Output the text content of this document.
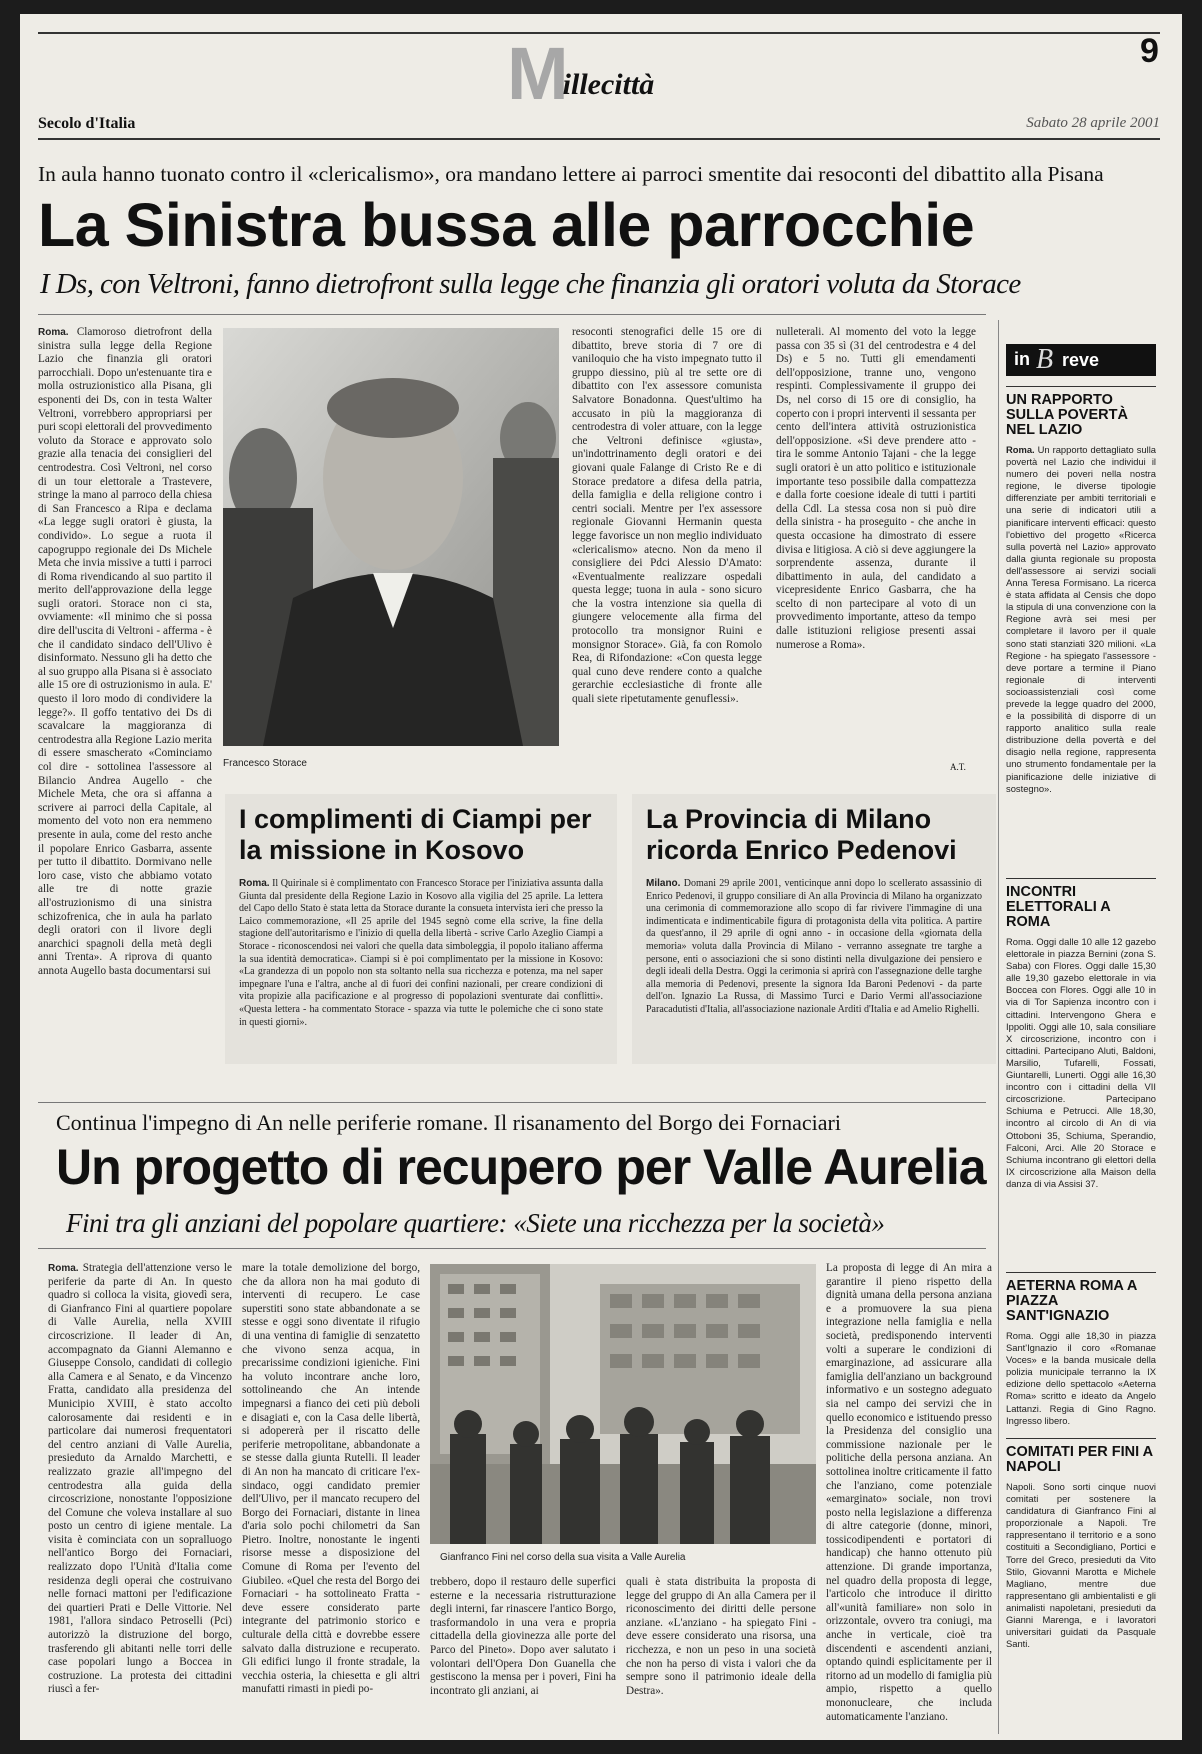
M
illecittà
9
Secolo d'Italia	Sabato 28 aprile 2001
In aula hanno tuonato contro il «clericalismo», ora mandano lettere ai parroci smentite dai resoconti del dibattito alla Pisana
La Sinistra bussa alle parrocchie
I Ds, con Veltroni, fanno dietrofront sulla legge che finanzia gli oratori voluta da Storace
Roma. Clamoroso dietrofront della sinistra sulla legge della Regione Lazio che finanzia gli oratori parrocchiali. Dopo un'estenuante tira e molla ostruzionistico alla Pisana, gli esponenti dei Ds, con in testa Walter Veltroni, vorrebbero appropriarsi per puri scopi elettorali del provvedimento voluto da Storace e approvato solo grazie alla tenacia dei consiglieri del centrodestra. Così Veltroni, nel corso di un tour elettorale a Trastevere, stringe la mano al parroco della chiesa di San Francesco a Ripa e declama «La legge sugli oratori è giusta, la condivido». Lo segue a ruota il capogruppo regionale dei Ds Michele Meta che invia missive a tutti i parroci di Roma rivendicando al suo partito il merito dell'approvazione della legge sugli oratori. Storace non ci sta, ovviamente: «Il minimo che si possa dire dell'uscita di Veltroni - afferma - è che il candidato sindaco dell'Ulivo è disinformato. Nessuno gli ha detto che al suo gruppo alla Pisana si è associato alle 15 ore di ostruzionismo in aula. E' questo il loro modo di condividere la legge?». Il goffo tentativo dei Ds di scavalcare la maggioranza di centrodestra alla Regione Lazio merita di essere smascherato «Cominciamo col dire - sottolinea l'assessore al Bilancio Andrea Augello - che Michele Meta, che ora si affanna a scrivere ai parroci della Capitale, al momento del voto non era nemmeno presente in aula, come del resto anche il popolare Enrico Gasbarra, assente per tutto il dibattito. Dormivano nelle loro case, visto che abbiamo votato alle tre di notte grazie all'ostruzionismo di una sinistra schizofrenica, che in aula ha parlato degli oratori con il livore degli anarchici spagnoli della metà degli anni Trenta». A riprova di quanto annota Augello basta documentarsi sui
Francesco Storace
resoconti stenografici delle 15 ore di dibattito, breve storia di 7 ore di vaniloquio che ha visto impegnato tutto il gruppo diessino, più al tre sette ore di dibattito con l'ex assessore comunista Salvatore Bonadonna. Quest'ultimo ha accusato in più la maggioranza di centrodestra di voler attuare, con la legge che Veltroni definisce «giusta», un'indottrinamento degli oratori e dei giovani quale Falange di Cristo Re e di Storace predatore a difesa della patria, della famiglia e della religione contro i centri sociali. Mentre per l'ex assessore regionale Giovanni Hermanin questa legge favorisce un non meglio individuato «clericalismo» atecno. Non da meno il consigliere dei Pdci Alessio D'Amato: «Eventualmente realizzare ospedali questa legge; tuona in aula - sono sicuro che la vostra intenzione sia quella di giungere velocemente alla firma del protocollo tra monsignor Ruini e monsignor Storace». Già, fa con Romolo Rea, di Rifondazione: «Con questa legge qual cuno deve rendere conto a qualche gerarchie ecclesiastiche di fronte alle quali siete ripetutamente genuflessi».
nulleterali. Al momento del voto la legge passa con 35 sì (31 del centrodestra e 4 del Ds) e 5 no. Tutti gli emendamenti dell'opposizione, tranne uno, vengono respinti. Complessivamente il gruppo dei Ds, nel corso di 15 ore di consiglio, ha coperto con i propri interventi il sessanta per cento dell'intera attività ostruzionistica dell'opposizione. «Si deve prendere atto - tira le somme Antonio Tajani - che la legge sugli oratori è un atto politico e istituzionale importante teso possibile dalla compattezza e dalla forte coesione ideale di tutti i partiti della Cdl. La stessa cosa non si può dire della sinistra - ha proseguito - che anche in questa occasione ha dimostrato di essere divisa e litigiosa. A ciò si deve aggiungere la sorprendente assenza, durante il dibattimento in aula, del candidato a vicepresidente Enrico Gasbarra, che ha scelto di non partecipare al voto di un provvedimento importante, atteso da tempo dalle istituzioni religiose presenti assai numerose a Roma».
A.T.
I complimenti di Ciampi per la missione in Kosovo
Roma. Il Quirinale si è complimentato con Francesco Storace per l'iniziativa assunta dalla Giunta dal presidente della Regione Lazio in Kosovo alla vigilia del 25 aprile. La lettera del Capo dello Stato è stata letta da Storace durante la consueta intervista ieri che presso la Laico commemorazione, «Il 25 aprile del 1945 segnò come ella scrive, la fine della stagione dell'autoritarismo e l'inizio di quella della libertà - scrive Carlo Azeglio Ciampi a Storace - riconoscendosi nei valori che quella data simboleggia, il popolo italiano afferma la sua identità democratica». Ciampi si è poi complimentato per la missione in Kosovo: «La grandezza di un popolo non sta soltanto nella sua ricchezza e potenza, ma nel saper impegnare l'una e l'altra, anche al di fuori dei confini nazionali, per creare condizioni di vita propizie alla pacificazione e al progresso di popolazioni sventurate dai conflitti». «Questa lettera - ha commentato Storace - spazza via tutte le polemiche che ci sono state in questi giorni».
La Provincia di Milano ricorda Enrico Pedenovi
Milano. Domani 29 aprile 2001, venticinque anni dopo lo scellerato assassinio di Enrico Pedenovi, il gruppo consiliare di An alla Provincia di Milano ha organizzato una cerimonia di commemorazione allo scopo di far rivivere l'immagine di una indimenticata e indimenticabile figura di protagonista della vita politica. A partire da quest'anno, il 29 aprile di ogni anno - in occasione della «giornata della memoria» voluta dalla Provincia di Milano - verranno assegnate tre targhe a persone, enti o associazioni che si sono distinti nella divulgazione dei pensiero e degli ideali della Destra. Oggi la cerimonia si aprirà con l'assegnazione delle targhe alla memoria di Pedenovi, presente la signora Ida Baroni Pedenovi - da parte dell'on. Ignazio La Russa, di Massimo Turci e Dario Vermi all'associazione Paracadutisti d'Italia, all'associazione nazionale Arditi d'Italia e ad Amelio Righelli.
Continua l'impegno di An nelle periferie romane. Il risanamento del Borgo dei Fornaciari
Un progetto di recupero per Valle Aurelia
Fini tra gli anziani del popolare quartiere: «Siete una ricchezza per la società»
Roma. Strategia dell'attenzione verso le periferie da parte di An. In questo quadro si colloca la visita, giovedì sera, di Gianfranco Fini al quartiere popolare di Valle Aurelia, nella XVIII circoscrizione. Il leader di An, accompagnato da Gianni Alemanno e Giuseppe Consolo, candidati di collegio alla Camera e al Senato, e da Vincenzo Fratta, candidato alla presidenza del Municipio XVIII, è stato accolto calorosamente dai residenti e in particolare dai numerosi frequentatori del centro anziani di Valle Aurelia, presieduto da Arnaldo Marchetti, e realizzato grazie all'impegno del centrodestra alla guida della circoscrizione, nonostante l'opposizione del Comune che voleva installare al suo posto un centro di igiene mentale. La visita è cominciata con un sopralluogo nell'antico Borgo dei Fornaciari, realizzato dopo l'Unità d'Italia come residenza degli operai che costruivano nelle fornaci mattoni per l'edificazione dei quartieri Prati e Delle Vittorie. Nel 1981, l'allora sindaco Petroselli (Pci) autorizzò la distruzione del borgo, trasferendo gli abitanti nelle torri delle case popolari lungo a Boccea in costruzione. La protesta dei cittadini riuscì a fer-
mare la totale demolizione del borgo, che da allora non ha mai goduto di interventi di recupero. Le case superstiti sono state abbandonate a se stesse e oggi sono diventate il rifugio di una ventina di famiglie di senzatetto che vivono senza acqua, in precarissime condizioni igieniche. Fini ha voluto incontrare anche loro, sottolineando che An intende impegnarsi a fianco dei ceti più deboli e disagiati e, con la Casa delle libertà, si adopererà per il riscatto delle periferie metropolitane, abbandonate a se stesse dalla giunta Rutelli. Il leader di An non ha mancato di criticare l'ex-sindaco, oggi candidato premier dell'Ulivo, per il mancato recupero del Borgo dei Fornaciari, distante in linea d'aria solo pochi chilometri da San Pietro. Inoltre, nonostante le ingenti risorse messe a disposizione del Comune di Roma per l'evento del Giubileo. «Quel che resta del Borgo dei Fornaciari - ha sottolineato Fratta - deve essere considerato parte integrante del patrimonio storico e culturale della città e dovrebbe essere salvato dalla distruzione e recuperato. Gli edifici lungo il fronte stradale, la vecchia osteria, la chiesetta e gli altri manufatti rimasti in piedi po-
Gianfranco Fini nel corso della sua visita a Valle Aurelia
trebbero, dopo il restauro delle superfici esterne e la necessaria ristrutturazione degli interni, far rinascere l'antico Borgo, trasformandolo in una vera e propria cittadella della giovinezza alle porte del Parco del Pineto». Dopo aver salutato i volontari dell'Opera Don Guanella che gestiscono la mensa per i poveri, Fini ha incontrato gli anziani, ai
quali è stata distribuita la proposta di legge del gruppo di An alla Camera per il riconoscimento dei diritti delle persone anziane. «L'anziano - ha spiegato Fini - deve essere considerato una risorsa, una ricchezza, e non un peso in una società che non ha perso di vista i valori che da sempre sono il patrimonio ideale della Destra».
La proposta di legge di An mira a garantire il pieno rispetto della dignità umana della persona anziana e a promuovere la sua piena integrazione nella famiglia e nella società, predisponendo interventi volti a superare le condizioni di emarginazione, ad assicurare alla famiglia dell'anziano un background informativo e un sostegno adeguato sia nel campo dei servizi che in quello economico e istituendo presso la Presidenza del consiglio una commissione nazionale per le politiche della persona anziana. An sottolinea inoltre criticamente il fatto che l'anziano, come potenziale «emarginato» sociale, non trovi posto nella legislazione a differenza di altre categorie (donne, minori, tossicodipendenti e portatori di handicap) che hanno ottenuto più attenzione. Di grande importanza, nel quadro della proposta di legge, l'articolo che introduce il diritto all'«unità familiare» non solo in orizzontale, ovvero tra coniugi, ma anche in verticale, cioè tra discendenti e ascendenti anziani, optando quindi esplicitamente per il ritorno ad un modello di famiglia più ampio, rispetto a quello mononucleare, che includa automaticamente l'anziano.
in B reve
UN RAPPORTO SULLA POVERTÀ NEL LAZIO
Roma. Un rapporto dettagliato sulla povertà nel Lazio che individui il numero dei poveri nella nostra regione, le diverse tipologie differenziate per ambiti territoriali e una serie di indicatori utili a pianificare interventi efficaci: questo l'obiettivo del progetto «Ricerca sulla povertà nel Lazio» approvato dalla giunta regionale su proposta dell'assessore ai servizi sociali Anna Teresa Formisano. La ricerca è stata affidata al Censis che dopo la stipula di una convenzione con la Regione avrà sei mesi per completare il lavoro per il quale sono stati stanziati 320 milioni. «La Regione - ha spiegato l'assessore - deve portare a termine il Piano regionale di interventi socioassistenziali così come prevede la legge quadro del 2000, e la possibilità di disporre di un rapporto analitico sulla reale distribuzione della povertà e del disagio nella regione, rappresenta uno strumento fondamentale per la pianificazione delle iniziative di sostegno».
INCONTRI ELETTORALI A ROMA
Roma. Oggi dalle 10 alle 12 gazebo elettorale in piazza Bernini (zona S. Saba) con Flores. Oggi dalle 15,30 alle 19,30 gazebo elettorale in via Boccea con Flores. Oggi alle 10 in via di Tor Sapienza incontro con i cittadini. Intervengono Ghera e Ippoliti. Oggi alle 10, sala consiliare X circoscrizione, incontro con i cittadini. Partecipano Aluti, Baldoni, Marsilio, Tufarelli, Fossati, Giuntarelli, Lunerti. Oggi alle 16,30 incontro con i cittadini della VII circoscrizione. Partecipano Schiuma e Petrucci. Alle 18,30, incontro al circolo di An di via Ottoboni 35, Schiuma, Sperandio, Falconi, Arci. Alle 20 Storace e Schiuma incontrano gli elettori della IX circoscrizione alla Maison della danza di via Assisi 37.
AETERNA ROMA A PIAZZA SANT'IGNAZIO
Roma. Oggi alle 18,30 in piazza Sant'Ignazio il coro «Romanae Voces» e la banda musicale della polizia municipale terranno la IX edizione dello spettacolo «Aeterna Roma» scritto e ideato da Angelo Lattanzi. Regia di Gino Ragno. Ingresso libero.
COMITATI PER FINI A NAPOLI
Napoli. Sono sorti cinque nuovi comitati per sostenere la candidatura di Gianfranco Fini al proporzionale a Napoli. Tre rappresentano il territorio e a sono costituiti a Secondigliano, Portici e Torre del Greco, presieduti da Vito Stilo, Giovanni Marotta e Michele Magliano, mentre due rappresentano gli ambientalisti e gli animalisti napoletani, presieduti da Gianni Marenga, e i lavoratori universitari guidati da Pasquale Santi.
